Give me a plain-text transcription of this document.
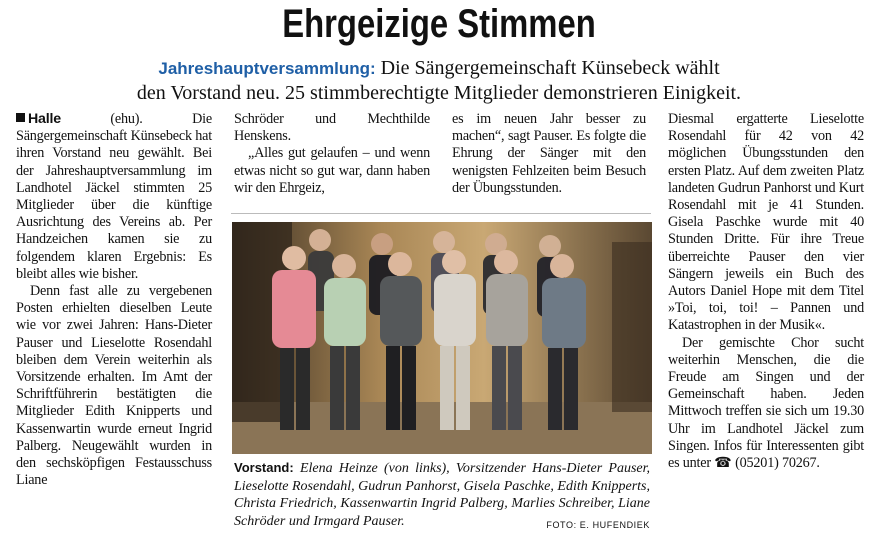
Ehrgeizige Stimmen
Jahreshauptversammlung: Die Sängergemeinschaft Künsebeck wählt
den Vorstand neu. 25 stimmberechtigte Mitglieder demonstrieren Einigkeit.

Halle (ehu). Die Sängergemeinschaft Künsebeck hat ihren Vorstand neu gewählt. Bei der Jahreshauptversammlung im Landhotel Jäckel stimmten 25 Mitglieder über die künftige Ausrichtung des Vereins ab. Per Handzeichen kamen sie zu folgendem klaren Ergebnis: Es bleibt alles wie bisher.

Denn fast alle zu vergebenen Posten erhielten dieselben Leute wie vor zwei Jahren: Hans-Dieter Pauser und Lieselotte Rosendahl bleiben dem Verein weiterhin als Vorsitzende erhalten. Im Amt der Schriftführerin bestätigten die Mitglieder Edith Knipperts und Kassenwartin wurde erneut Ingrid Palberg. Neugewählt wurden in den sechsköpfigen Festausschuss Liane

Schröder und Mechthilde Henskens.

„Alles gut gelaufen – und wenn etwas nicht so gut war, dann haben wir den Ehrgeiz,

es im neuen Jahr besser zu machen“, sagt Pauser. Es folgte die Ehrung der Sänger mit den wenigsten Fehlzeiten beim Besuch der Übungsstunden.

Diesmal ergatterte Lieselotte Rosendahl für 42 von 42 möglichen Übungsstunden den ersten Platz. Auf dem zweiten Platz landeten Gudrun Panhorst und Kurt Rosendahl mit je 41 Stunden. Gisela Paschke wurde mit 40 Stunden Dritte. Für ihre Treue überreichte Pauser den vier Sängern jeweils ein Buch des Autors Daniel Hope mit dem Titel »Toi, toi, toi! – Pannen und Katastrophen in der Musik«.

Der gemischte Chor sucht weiterhin Menschen, die die Freude am Singen und der Gemeinschaft haben. Jeden Mittwoch treffen sie sich um 19.30 Uhr im Landhotel Jäckel zum Singen. Infos für Interessenten gibt es unter ☎ (05201) 70267.

Vorstand: Elena Heinze (von links), Vorsitzender Hans-Dieter Pauser, Lieselotte Rosendahl, Gudrun Panhorst, Gisela Paschke, Edith Knipperts, Christa Friedrich, Kassenwartin Ingrid Palberg, Marlies Schreiber, Liane Schröder und Irmgard Pauser.	FOTO: E. HUFENDIEK
